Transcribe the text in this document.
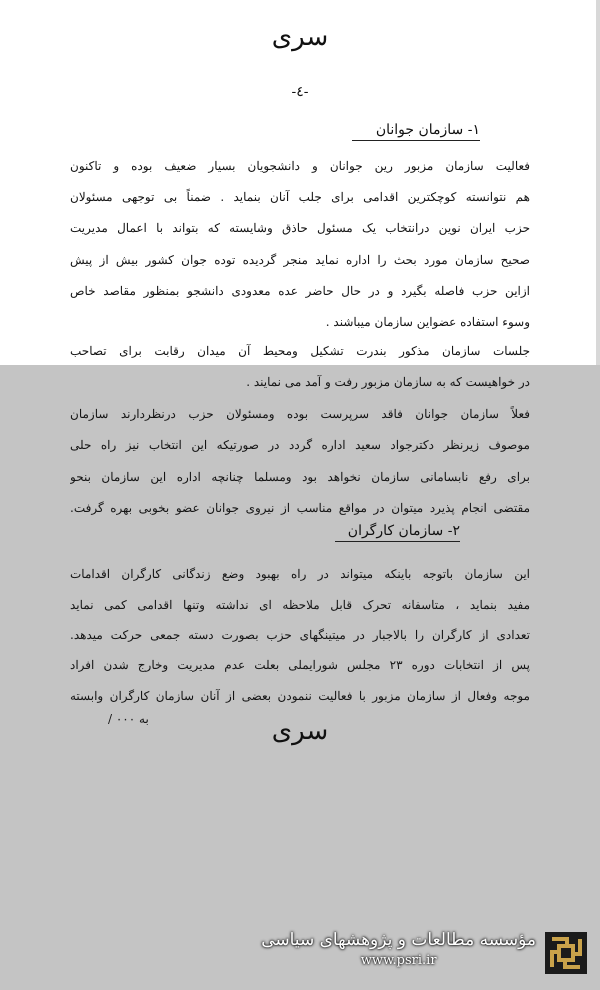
سری
-٤-
۱- سازمان جوانان
فعالیت سازمان مزبور رین جوانان و دانشجویان بسیار ضعیف بوده و تاکنون
هم نتوانسته کوچکترین اقدامی برای جلب آنان بنماید . ضمناً بی توجهی مسئولان
حزب ایران نوین درانتخاب یک مسئول حاذق وشایسته که بتواند با اعمال مدیریت
صحیح سازمان مورد بحث را اداره نماید منجر گردیده توده جوان کشور بیش از پیش
ازاین حزب فاصله بگیرد و در حال حاضر عده معدودی دانشجو بمنظور مقاصد خاص
وسوء استفاده عضواین سازمان میباشند .
جلسات سازمان مذکور بندرت تشکیل ومحیط آن میدان رقابت برای تصاحب
در خواهیست که به سازمان مزبور رفت و آمد می نمایند .
فعلاً سازمان جوانان فاقد سرپرست بوده ومسئولان حزب درنظردارند سازمان
موصوف زیرنظر دکترجواد سعید اداره گردد در صورتیکه این انتخاب نیز راه حلی
برای رفع نابسامانی سازمان نخواهد بود ومسلما چنانچه اداره این سازمان بنحو
مقتضی انجام پذیرد میتوان در مواقع مناسب از نیروی جوانان عضو بخوبی بهره گرفت.
۲- سازمان کارگران
این سازمان باتوجه باینکه میتواند در راه بهبود وضع زندگانی کارگران اقدامات
مفید بنماید ، متاسفانه تحرک قابل ملاحظه ای نداشته وتنها اقدامی کمی نماید
تعدادی از کارگران را بالاجبار در میتینگهای حزب بصورت دسته جمعی حرکت میدهد.
پس از انتخابات دوره ۲۳ مجلس شورایملی بعلت عدم مدیریت وخارج شدن افراد
موجه وفعال از سازمان مزبور با فعالیت ننمودن بعضی از آنان سازمان کارگران وابسته
به ۰۰۰ /	سری
مؤسسه مطالعات و پژوهشهای سیاسی
www.psri.ir
